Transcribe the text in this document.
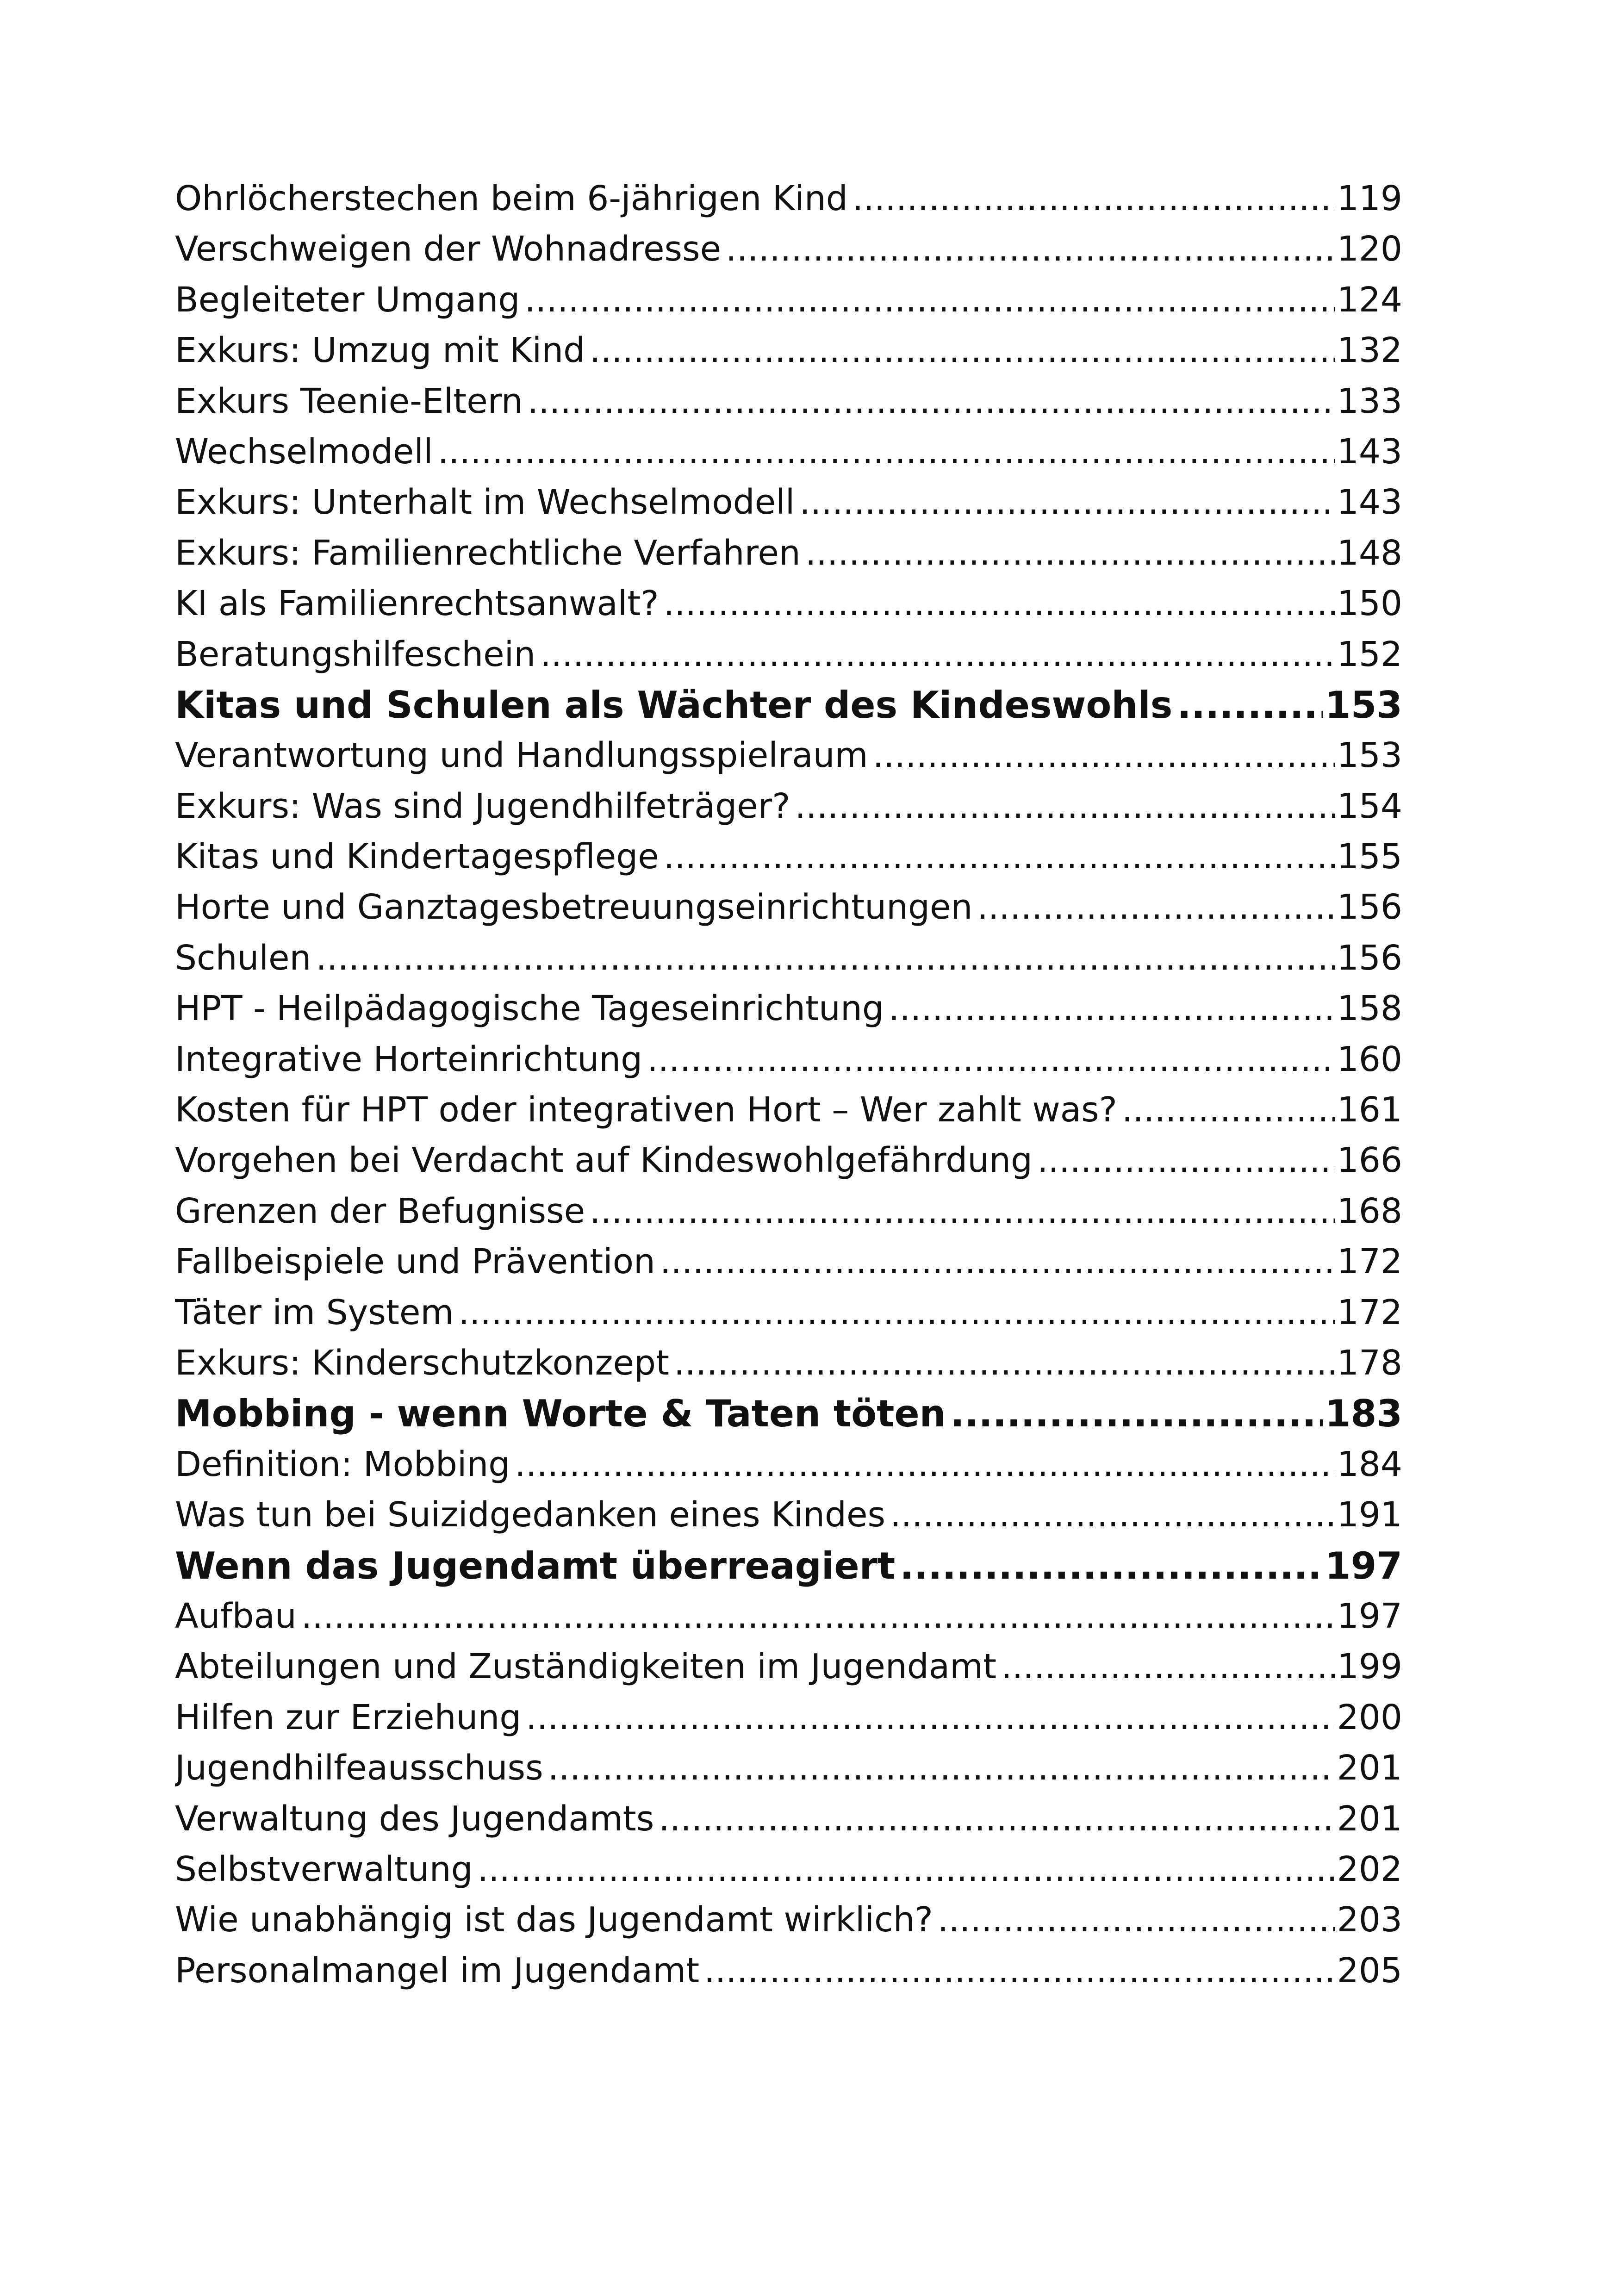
Ohrlöcherstechen beim 6-jährigen Kind .....	119
Verschweigen der Wohnadresse .....	120
Begleiteter Umgang .....	124
Exkurs: Umzug mit Kind .....	132
Exkurs Teenie-Eltern .....	133
Wechselmodell .....	143
Exkurs: Unterhalt im Wechselmodell .....	143
Exkurs: Familienrechtliche Verfahren .....	148
KI als Familienrechtsanwalt? .....	150
Beratungshilfeschein .....	152
Kitas und Schulen als Wächter des Kindeswohls .....	153
Verantwortung und Handlungsspielraum .....	153
Exkurs: Was sind Jugendhilfeträger? .....	154
Kitas und Kindertagespflege .....	155
Horte und Ganztagesbetreuungseinrichtungen .....	156
Schulen .....	156
HPT - Heilpädagogische Tageseinrichtung .....	158
Integrative Horteinrichtung .....	160
Kosten für HPT oder integrativen Hort – Wer zahlt was? .....	161
Vorgehen bei Verdacht auf Kindeswohlgefährdung .....	166
Grenzen der Befugnisse .....	168
Fallbeispiele und Prävention .....	172
Täter im System .....	172
Exkurs: Kinderschutzkonzept .....	178
Mobbing - wenn Worte & Taten töten .....	183
Definition: Mobbing .....	184
Was tun bei Suizidgedanken eines Kindes .....	191
Wenn das Jugendamt überreagiert .....	197
Aufbau .....	197
Abteilungen und Zuständigkeiten im Jugendamt .....	199
Hilfen zur Erziehung .....	200
Jugendhilfeausschuss .....	201
Verwaltung des Jugendamts .....	201
Selbstverwaltung .....	202
Wie unabhängig ist das Jugendamt wirklich? .....	203
Personalmangel im Jugendamt .....	205
